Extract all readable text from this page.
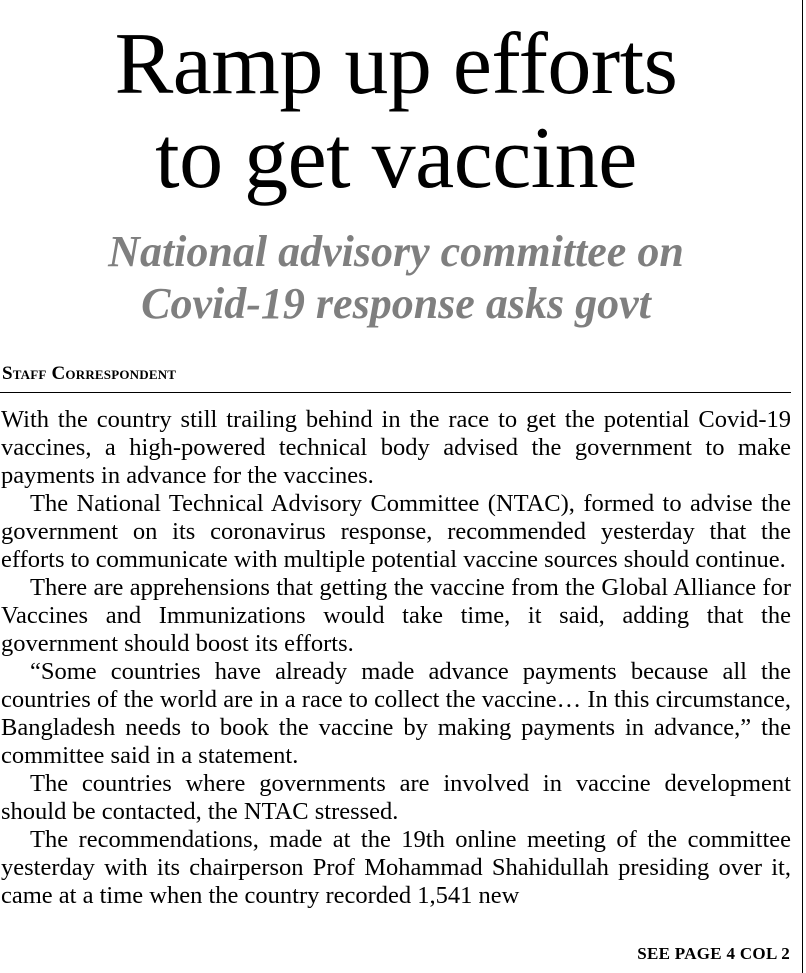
Ramp up efforts
to get vaccine
National advisory committee on
Covid-19 response asks govt
Staff Correspondent

With the country still trailing behind in the race to get the potential Covid-19 vaccines, a high-powered technical body advised the government to make payments in advance for the vaccines.

The National Technical Advisory Committee (NTAC), formed to advise the government on its coronavirus response, recommended yesterday that the efforts to communicate with multiple potential vaccine sources should continue.

There are apprehensions that getting the vaccine from the Global Alliance for Vaccines and Immunizations would take time, it said, adding that the government should boost its efforts.

“Some countries have already made advance payments because all the countries of the world are in a race to collect the vaccine… In this circumstance, Bangladesh needs to book the vaccine by making payments in advance,” the committee said in a statement.

The countries where governments are involved in vaccine development should be contacted, the NTAC stressed.

The recommendations, made at the 19th online meeting of the committee yesterday with its chairperson Prof Mohammad Shahidullah presiding over it, came at a time when the country recorded 1,541 new

SEE PAGE 4 COL 2
